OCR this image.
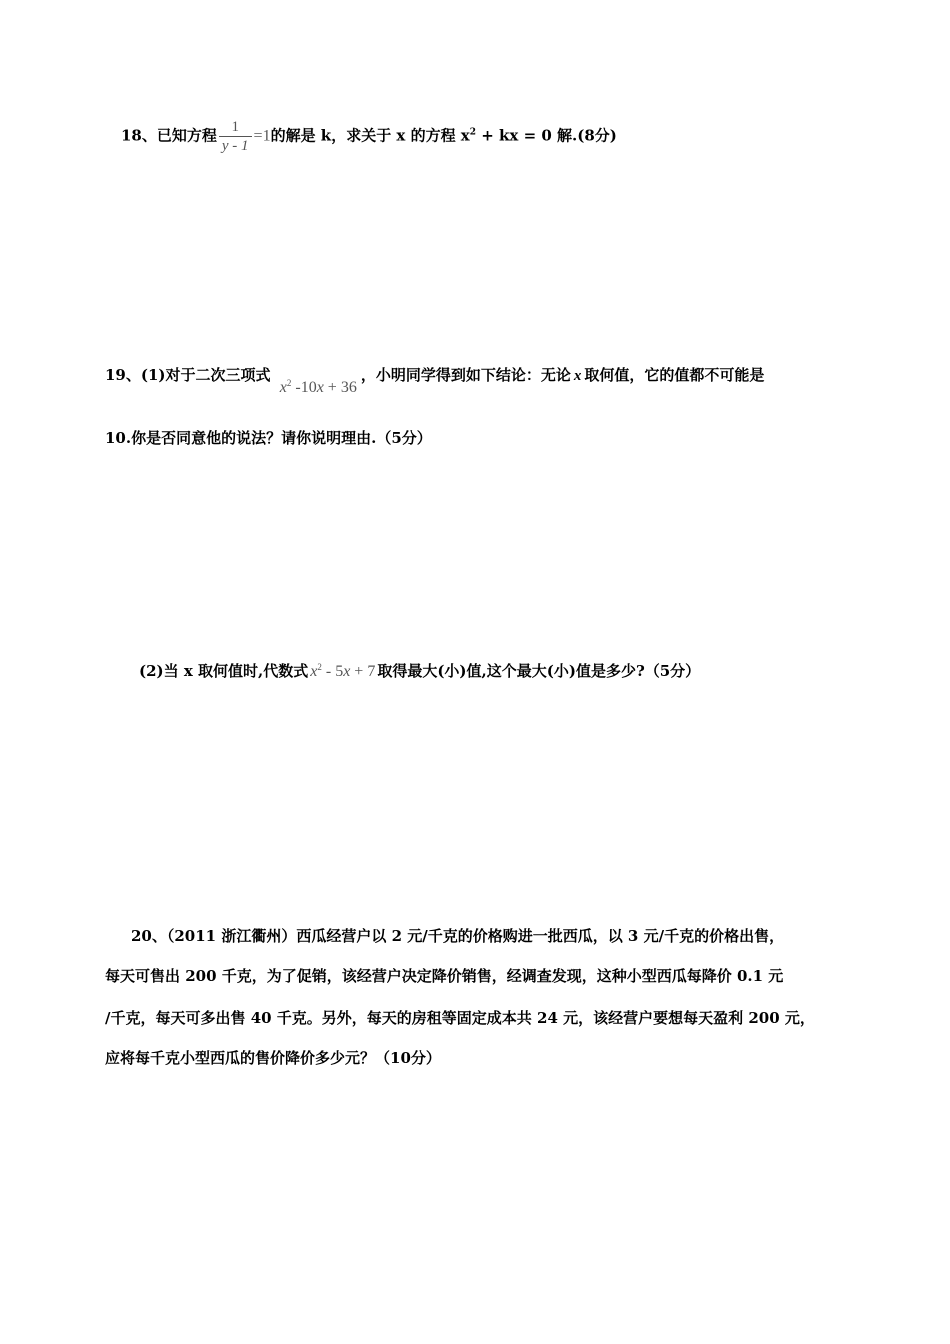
18、已知方程 $\frac{1}{y - 1} =1$的解是 k，求关于 x 的方程 $x^2$ + kx = 0 解.(8分)
19、(1)对于二次三项式 $x^2$ -10x + 36，小明同学得到如下结论：无论 x 取何值，它的值都不可能是
10.你是否同意他的说法？请你说明理由.（5分）
(2)当 x 取何值时,代数式 $x^2 - 5x + 7$ 取得最大(小)值,这个最大(小)值是多少?（5分）
20、（2011 浙江衢州）西瓜经营户以 2 元/千克的价格购进一批西瓜，以 3 元/千克的价格出售，
每天可售出 200 千克，为了促销，该经营户决定降价销售，经调查发现，这种小型西瓜每降价 0.1 元
/千克，每天可多出售 40 千克。另外，每天的房租等固定成本共 24 元，该经营户要想每天盈利 200 元，
应将每千克小型西瓜的售价降价多少元？（10分）
